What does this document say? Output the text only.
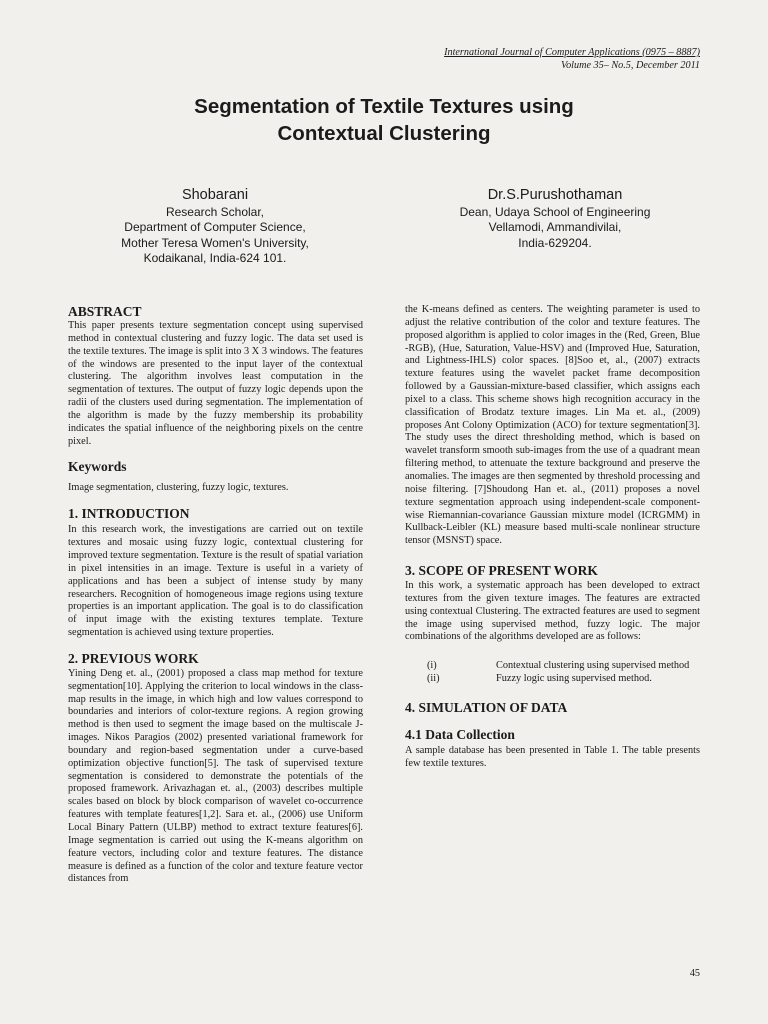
International Journal of Computer Applications (0975 – 8887)
Volume 35– No.5, December 2011
Segmentation of Textile Textures using
Contextual Clustering
Shobarani
Research Scholar,
Department of Computer Science,
Mother Teresa Women's University,
Kodaikanal, India-624 101.
Dr.S.Purushothaman
Dean, Udaya School of Engineering
Vellamodi, Ammandivilai,
India-629204.
ABSTRACT

This paper presents texture segmentation concept using supervised method in contextual clustering and fuzzy logic. The data set used is the textile textures. The image is split into 3 X 3 windows. The features of the windows are presented to the input layer of the contextual clustering. The algorithm involves least computation in the segmentation of textures. The output of fuzzy logic depends upon the radii of the clusters used during segmentation. The implementation of the algorithm is made by the fuzzy membership its probability indicates the spatial influence of the neighboring pixels on the centre pixel.

Keywords

Image segmentation, clustering, fuzzy logic, textures.

1. INTRODUCTION

In this research work, the investigations are carried out on textile textures and mosaic using fuzzy logic, contextual clustering for improved texture segmentation. Texture is the result of spatial variation in pixel intensities in an image. Texture is useful in a variety of applications and has been a subject of intense study by many researchers. Recognition of homogeneous image regions using texture properties is an important application. The goal is to do classification of input image with the existing textures template. Texture segmentation is achieved using texture properties.

2. PREVIOUS WORK

Yining Deng et. al., (2001) proposed a class map method for texture segmentation[10]. Applying the criterion to local windows in the class-map results in the image, in which high and low values correspond to boundaries and interiors of color-texture regions. A region growing method is then used to segment the image based on the multiscale J-images. Nikos Paragios (2002) presented variational framework for boundary and region-based segmentation under a curve-based optimization objective function[5]. The task of supervised texture segmentation is considered to demonstrate the potentials of the proposed framework. Arivazhagan et. al., (2003) describes multiple scales based on block by block comparison of wavelet co-occurrence features with template features[1,2]. Sara et. al., (2006) use Uniform Local Binary Pattern (ULBP) method to extract texture features[6]. Image segmentation is carried out using the K-means algorithm on feature vectors, including color and texture features. The distance measure is defined as a function of the color and texture feature vector distances from

the K-means defined as centers. The weighting parameter is used to adjust the relative contribution of the color and texture features. The proposed algorithm is applied to color images in the (Red, Green, Blue -RGB), (Hue, Saturation, Value-HSV) and (Improved Hue, Saturation, and Lightness-IHLS) color spaces. [8]Soo et, al., (2007) extracts texture features using the wavelet packet frame decomposition followed by a Gaussian-mixture-based classifier, which assigns each pixel to a class. This scheme shows high recognition accuracy in the classification of Brodatz texture images. Lin Ma et. al., (2009) proposes Ant Colony Optimization (ACO) for texture segmentation[3]. The study uses the direct thresholding method, which is based on wavelet transform smooth sub-images from the use of a quadrant mean filtering method, to attenuate the texture background and preserve the anomalies. The images are then segmented by threshold processing and noise filtering. [7]Shoudong Han et. al., (2011) proposes a novel texture segmentation approach using independent-scale component-wise Riemannian-covariance Gaussian mixture model (ICRGMM) in Kullback-Leibler (KL) measure based multi-scale nonlinear structure tensor (MSNST) space.

3. SCOPE OF PRESENT WORK

In this work, a systematic approach has been developed to extract textures from the given texture images. The features are extracted using contextual Clustering. The extracted features are used to segment the image using supervised method, fuzzy logic. The major combinations of the algorithms developed are as follows:

(i)	Contextual clustering using supervised method
(ii)	Fuzzy logic using supervised method.
4. SIMULATION OF DATA
4.1 Data Collection

A sample database has been presented in Table 1. The table presents few textile textures.

45
